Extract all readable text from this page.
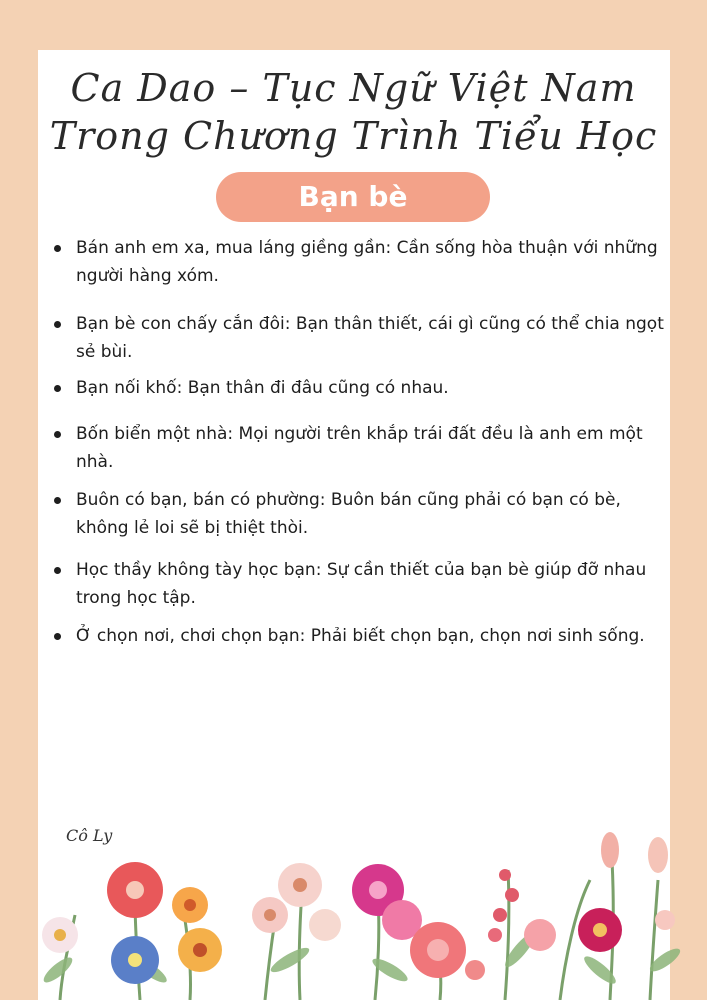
Ca Dao – Tục Ngữ Việt Nam
Trong Chương Trình Tiểu Học
Bạn bè
Bán anh em xa, mua láng giềng gần: Cần sống hòa thuận với những người hàng xóm.
Bạn bè con chấy cắn đôi: Bạn thân thiết, cái gì cũng có thể chia ngọt sẻ bùi.
Bạn nối khố: Bạn thân đi đâu cũng có nhau.
Bốn biển một nhà: Mọi người trên khắp trái đất đều là anh em một nhà.
Buôn có bạn, bán có phường: Buôn bán cũng phải có bạn có bè, không lẻ loi sẽ bị thiệt thòi.
Học thầy không tày học bạn: Sự cần thiết của bạn bè giúp đỡ nhau trong học tập.
Ở chọn nơi, chơi chọn bạn: Phải biết chọn bạn, chọn nơi sinh sống.
Cô Ly
